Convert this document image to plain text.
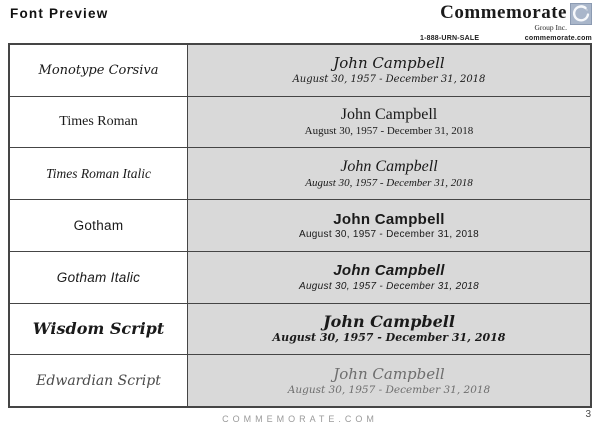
Font Preview	Commemorate
Group Inc.
1-888-URN-SALE	commemorate.com
Monotype Corsiva	John Campbell
August 30, 1957 - December 31, 2018
Times Roman	John Campbell
August 30, 1957 - December 31, 2018
Times Roman Italic	John Campbell
August 30, 1957 - December 31, 2018
Gotham	John Campbell
August 30, 1957 - December 31, 2018
Gotham Italic	John Campbell
August 30, 1957 - December 31, 2018
Wisdom Script	John Campbell
August 30, 1957 - December 31, 2018
Edwardian Script	John Campbell
August 30, 1957 - December 31, 2018
COMMEMORATE.COM	3
